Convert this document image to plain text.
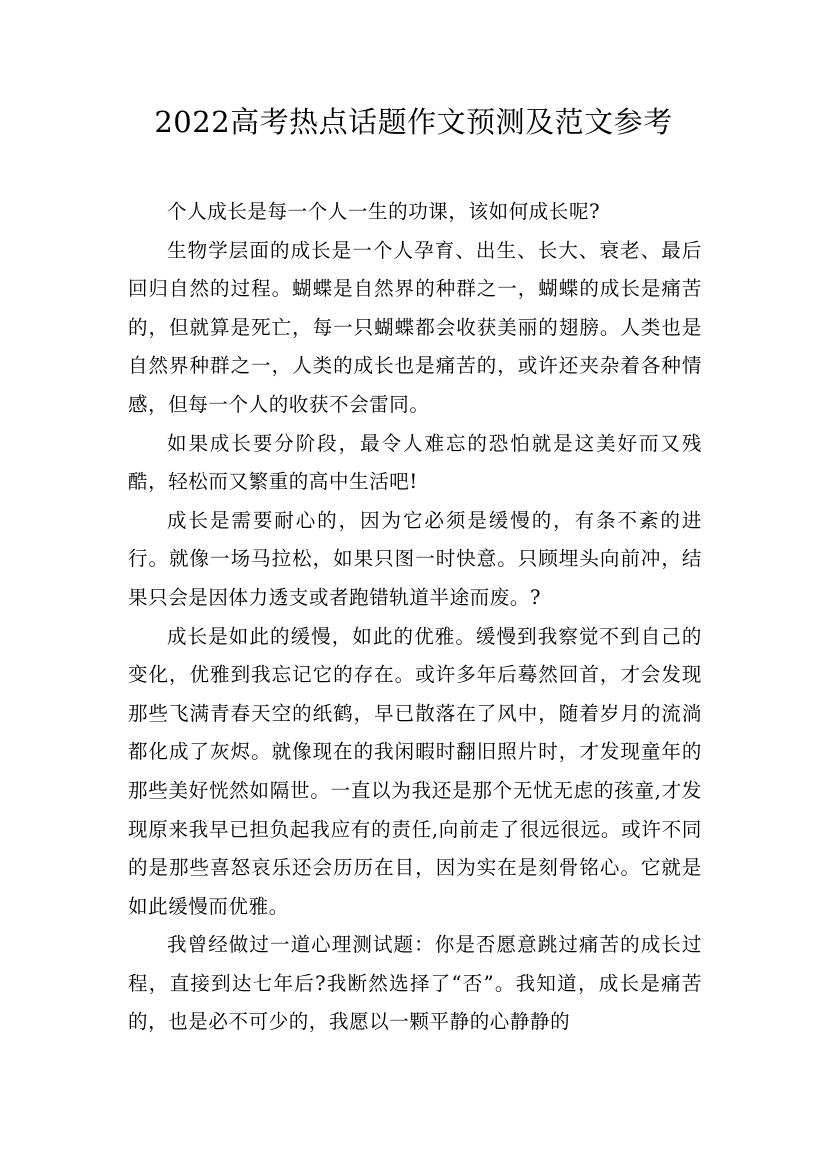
2022高考热点话题作文预测及范文参考

个人成长是每一个人一生的功课，该如何成长呢?

生物学层面的成长是一个人孕育、出生、长大、衰老、最后回归自然的过程。蝴蝶是自然界的种群之一，蝴蝶的成长是痛苦的，但就算是死亡，每一只蝴蝶都会收获美丽的翅膀。人类也是自然界种群之一，人类的成长也是痛苦的，或许还夹杂着各种情感，但每一个人的收获不会雷同。

如果成长要分阶段，最令人难忘的恐怕就是这美好而又残酷，轻松而又繁重的高中生活吧!

成长是需要耐心的，因为它必须是缓慢的，有条不紊的进行。就像一场马拉松，如果只图一时快意。只顾埋头向前冲，结果只会是因体力透支或者跑错轨道半途而废。?

成长是如此的缓慢，如此的优雅。缓慢到我察觉不到自己的变化，优雅到我忘记它的存在。或许多年后蓦然回首，才会发现那些飞满青春天空的纸鹤，早已散落在了风中，随着岁月的流淌都化成了灰烬。就像现在的我闲暇时翻旧照片时，才发现童年的那些美好恍然如隔世。一直以为我还是那个无忧无虑的孩童,才发现原来我早已担负起我应有的责任,向前走了很远很远。或许不同的是那些喜怒哀乐还会历历在目，因为实在是刻骨铭心。它就是如此缓慢而优雅。

我曾经做过一道心理测试题：你是否愿意跳过痛苦的成长过程，直接到达七年后?我断然选择了“否”。我知道，成长是痛苦的，也是必不可少的，我愿以一颗平静的心静静的
